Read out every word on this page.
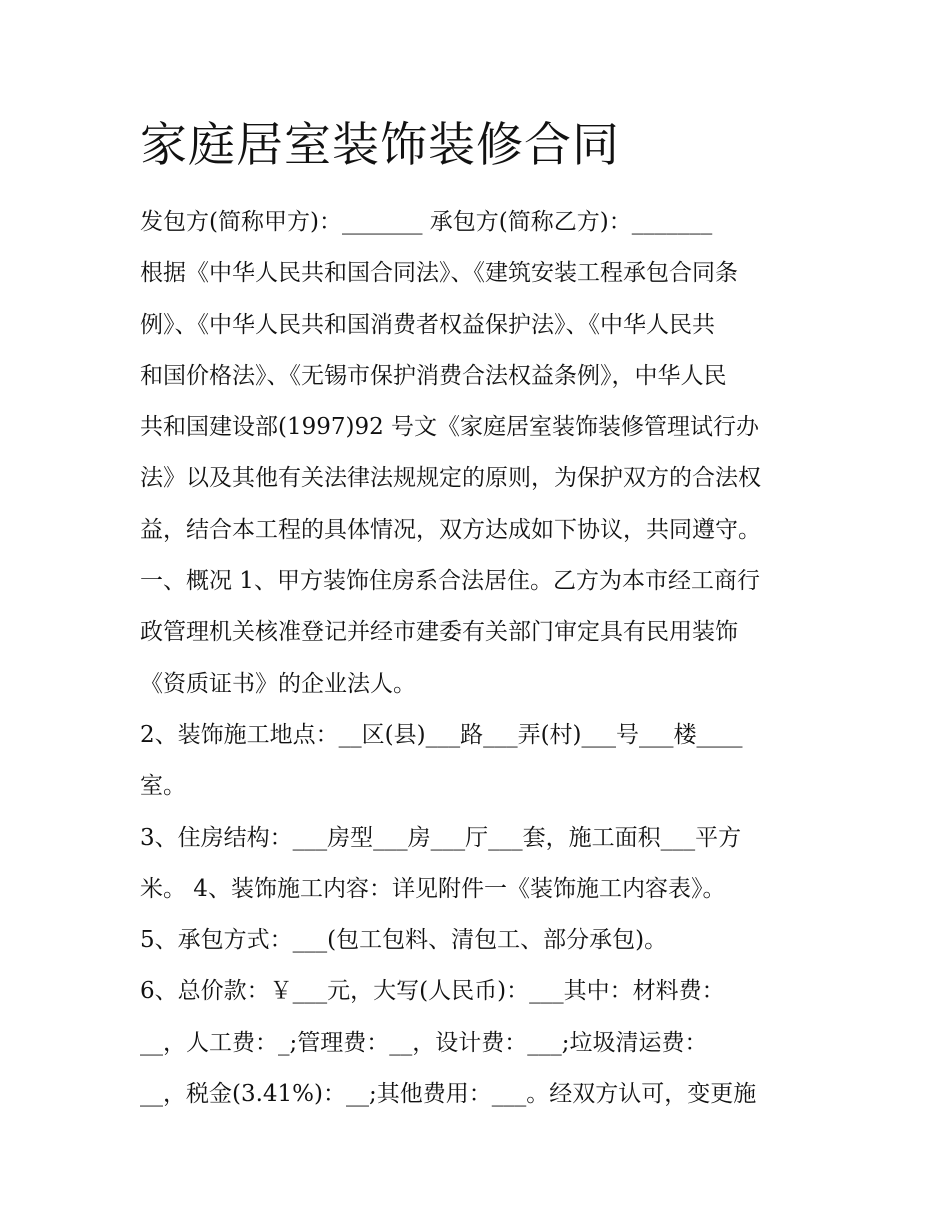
家庭居室装饰装修合同
发包方(简称甲方)：_______ 承包方(简称乙方)：_______
根据《中华人民共和国合同法》、《建筑安装工程承包合同条
例》、《中华人民共和国消费者权益保护法》、《中华人民共
和国价格法》、《无锡市保护消费合法权益条例》，中华人民
共和国建设部(1997)92 号文《家庭居室装饰装修管理试行办
法》以及其他有关法律法规规定的原则，为保护双方的合法权
益，结合本工程的具体情况，双方达成如下协议，共同遵守。
一、概况 1、甲方装饰住房系合法居住。乙方为本市经工商行
政管理机关核准登记并经市建委有关部门审定具有民用装饰
《资质证书》的企业法人。
2、装饰施工地点：__区(县)___路___弄(村)___号___楼____
室。
3、住房结构：___房型___房___厅___套，施工面积___平方
米。 4、装饰施工内容：详见附件一《装饰施工内容表》。
5、承包方式：___(包工包料、清包工、部分承包)。
6、总价款：￥___元，大写(人民币)：___其中：材料费：
__，人工费：_;管理费：__，设计费：___;垃圾清运费：
__，税金(3.41%)：__;其他费用：___。经双方认可，变更施
